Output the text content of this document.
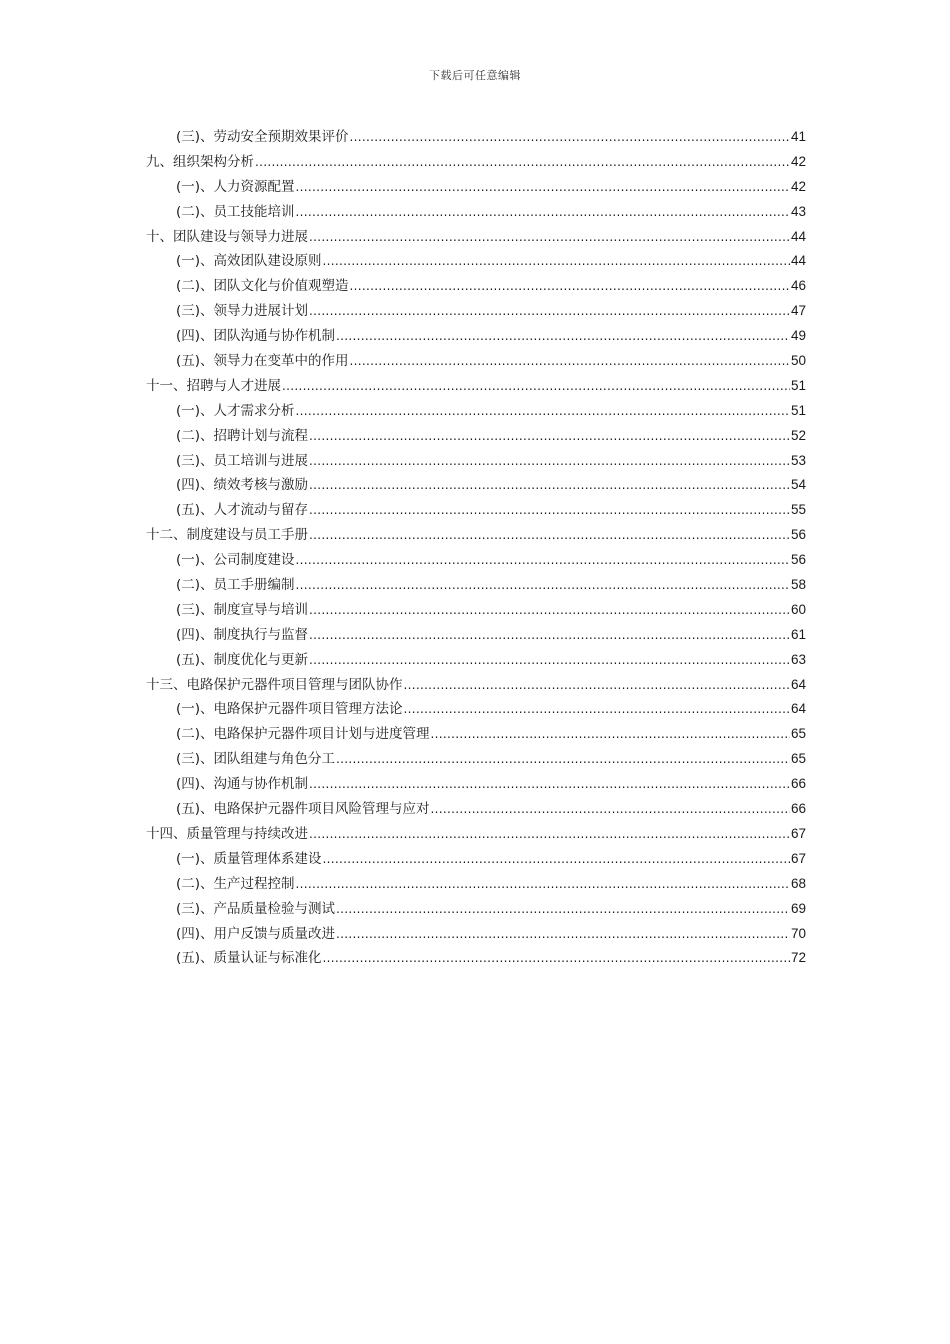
下载后可任意编辑
(三)、劳动安全预期效果评价 .....	41
九、组织架构分析 .....	42
(一)、人力资源配置 .....	42
(二)、员工技能培训 .....	43
十、团队建设与领导力进展 .....	44
(一)、高效团队建设原则 .....	44
(二)、团队文化与价值观塑造 .....	46
(三)、领导力进展计划 .....	47
(四)、团队沟通与协作机制 .....	49
(五)、领导力在变革中的作用 .....	50
十一、招聘与人才进展 .....	51
(一)、人才需求分析 .....	51
(二)、招聘计划与流程 .....	52
(三)、员工培训与进展 .....	53
(四)、绩效考核与激励 .....	54
(五)、人才流动与留存 .....	55
十二、制度建设与员工手册 .....	56
(一)、公司制度建设 .....	56
(二)、员工手册编制 .....	58
(三)、制度宣导与培训 .....	60
(四)、制度执行与监督 .....	61
(五)、制度优化与更新 .....	63
十三、电路保护元器件项目管理与团队协作 .....	64
(一)、电路保护元器件项目管理方法论 .....	64
(二)、电路保护元器件项目计划与进度管理 .....	65
(三)、团队组建与角色分工 .....	65
(四)、沟通与协作机制 .....	66
(五)、电路保护元器件项目风险管理与应对 .....	66
十四、质量管理与持续改进 .....	67
(一)、质量管理体系建设 .....	67
(二)、生产过程控制 .....	68
(三)、产品质量检验与测试 .....	69
(四)、用户反馈与质量改进 .....	70
(五)、质量认证与标准化 .....	72
